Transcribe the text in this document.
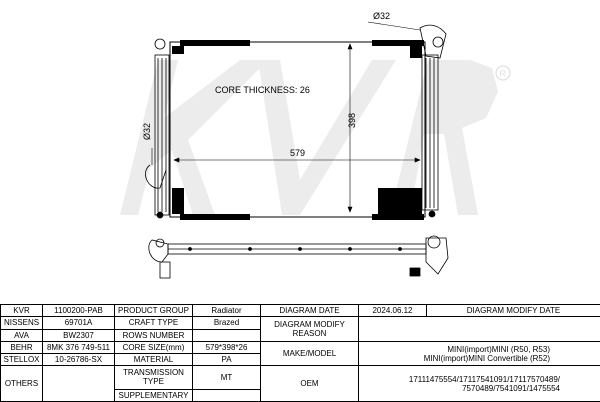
R
CORE THICKNESS: 26
579
398
Ø32
Ø32
KVR	1100200-PAB	PRODUCT GROUP	Radiator	DIAGRAM DATE	2024.06.12	DIAGRAM MODIFY DATE
NISSENS	69701A	CRAFT TYPE	Brazed	DIAGRAM MODIFY REASON		
AVA	BW2307	ROWS NUMBER				
BEHR	8MK 376 749-511	CORE SIZE(mm)	579*398*26	MAKE/MODEL	MINI(import)MINI (R50, R53)
MINI(import)MINI Convertible (R52)	

STELLOX	10-26786-SX	MATERIAL	PA			
OTHERS		TRANSMISSION TYPE	MT	OEM	17111475554/17117541091/17117570489/
7570489/7541091/1475554	

		SUPPLEMENTARY				
